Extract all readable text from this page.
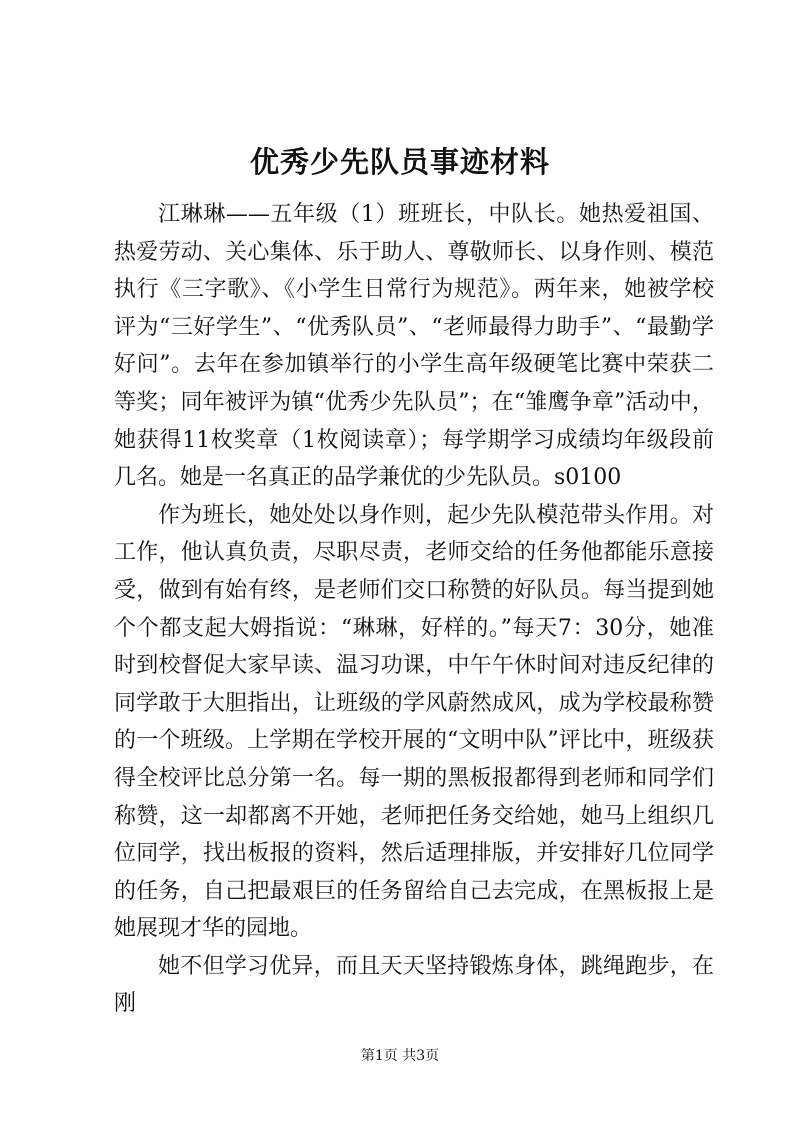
优秀少先队员事迹材料

江琳琳——五年级（1）班班长，中队长。她热爱祖国、热爱劳动、关心集体、乐于助人、尊敬师长、以身作则、模范执行《三字歌》、《小学生日常行为规范》。两年来，她被学校评为“三好学生”、“优秀队员”、“老师最得力助手”、“最勤学好问”。去年在参加镇举行的小学生高年级硬笔比赛中荣获二等奖；同年被评为镇“优秀少先队员”；在“雏鹰争章”活动中，她获得11枚奖章（1枚阅读章）；每学期学习成绩均年级段前几名。她是一名真正的品学兼优的少先队员。s0100

作为班长，她处处以身作则，起少先队模范带头作用。对工作，他认真负责，尽职尽责，老师交给的任务他都能乐意接受，做到有始有终，是老师们交口称赞的好队员。每当提到她个个都支起大姆指说：“琳琳，好样的。”每天7：30分，她准时到校督促大家早读、温习功课，中午午休时间对违反纪律的同学敢于大胆指出，让班级的学风蔚然成风，成为学校最称赞的一个班级。上学期在学校开展的“文明中队”评比中，班级获得全校评比总分第一名。每一期的黑板报都得到老师和同学们称赞，这一却都离不开她，老师把任务交给她，她马上组织几位同学，找出板报的资料，然后适理排版，并安排好几位同学的任务，自己把最艰巨的任务留给自己去完成，在黑板报上是她展现才华的园地。

她不但学习优异，而且天天坚持锻炼身体，跳绳跑步，在刚

第1页 共3页
